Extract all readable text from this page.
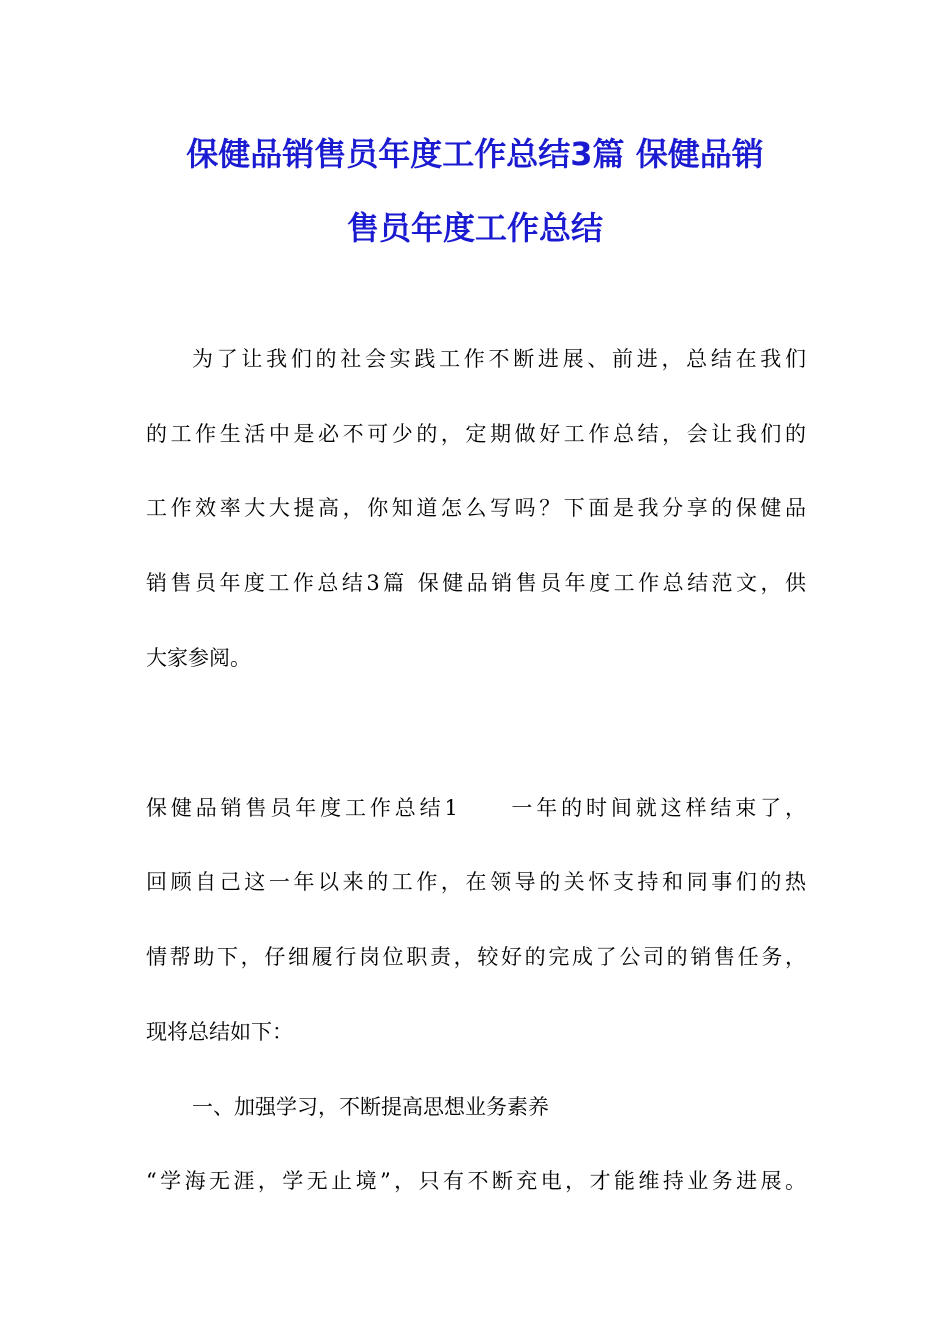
保健品销售员年度工作总结3篇 保健品销
售员年度工作总结

为了让我们的社会实践工作不断进展、前进，总结在我们

的工作生活中是必不可少的，定期做好工作总结，会让我们的

工作效率大大提高，你知道怎么写吗？下面是我分享的保健品

销售员年度工作总结3篇 保健品销售员年度工作总结范文，供

大家参阅。

保健品销售员年度工作总结1　　一年的时间就这样结束了，

回顾自己这一年以来的工作，在领导的关怀支持和同事们的热

情帮助下，仔细履行岗位职责，较好的完成了公司的销售任务，

现将总结如下：

一、加强学习，不断提高思想业务素养

“学海无涯，学无止境”，只有不断充电，才能维持业务进展。
